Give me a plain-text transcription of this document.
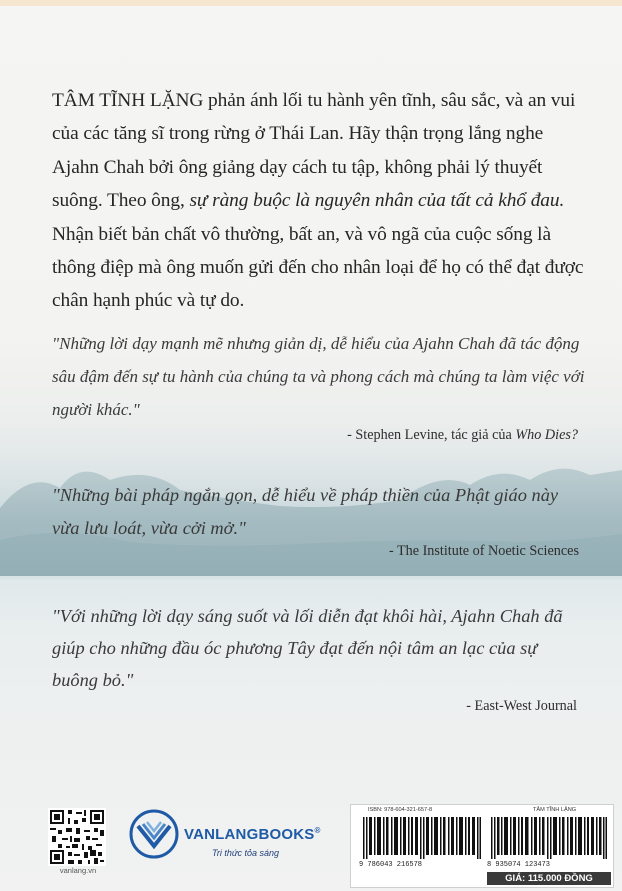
TÂM TĨNH LẶNG phản ánh lối tu hành yên tĩnh, sâu sắc, và an vui của các tăng sĩ trong rừng ở Thái Lan. Hãy thận trọng lắng nghe Ajahn Chah bởi ông giảng dạy cách tu tập, không phải lý thuyết suông. Theo ông, sự ràng buộc là nguyên nhân của tất cả khổ đau. Nhận biết bản chất vô thường, bất an, và vô ngã của cuộc sống là thông điệp mà ông muốn gửi đến cho nhân loại để họ có thể đạt được chân hạnh phúc và tự do.

"Những lời dạy mạnh mẽ nhưng giản dị, dễ hiểu của Ajahn Chah đã tác động sâu đậm đến sự tu hành của chúng ta và phong cách mà chúng ta làm việc với người khác."

- Stephen Levine, tác giả của Who Dies?

"Những bài pháp ngắn gọn, dễ hiểu về pháp thiền của Phật giáo này vừa lưu loát, vừa cởi mở."

- The Institute of Noetic Sciences

"Với những lời dạy sáng suốt và lối diễn đạt khôi hài, Ajahn Chah đã giúp cho những đầu óc phương Tây đạt đến nội tâm an lạc của sự buông bỏ."

- East-West Journal

vanlang.vn

VANLANGBOOKS®

Tri thức tỏa sáng

ISBN: 978-604-321-657-8	TÂM TĨNH LẶNG

9 786043 216578	8 935074 123473

GIÁ: 115.000 ĐỒNG
